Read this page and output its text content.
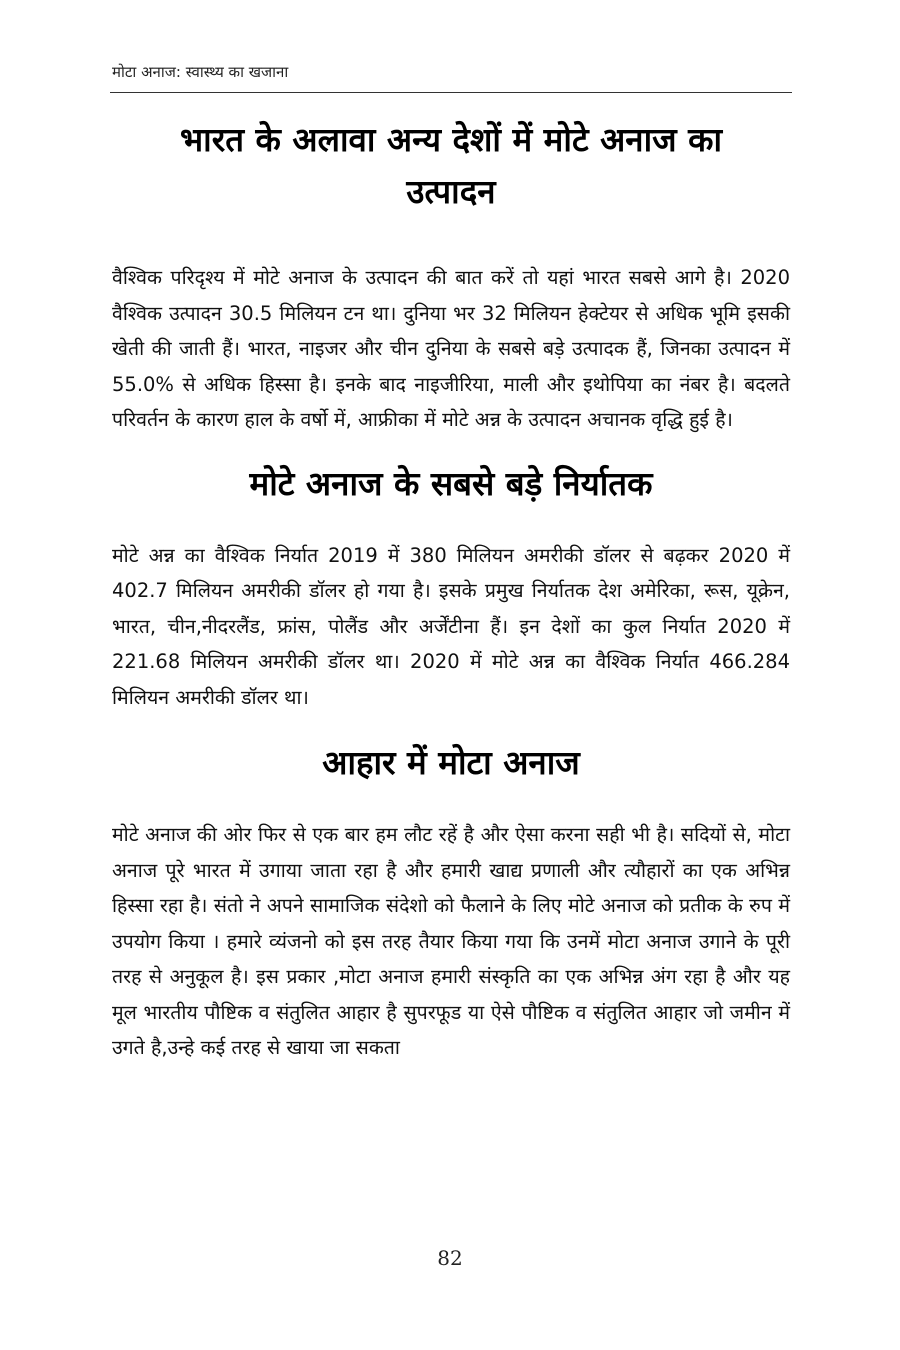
मोटा अनाज: स्वास्थ्य का खजाना
भारत के अलावा अन्य देशों में मोटे अनाज का उत्पादन

वैश्विक परिदृश्य में मोटे अनाज के उत्पादन की बात करें तो यहां भारत सबसे आगे है। 2020 वैश्विक उत्पादन 30.5 मिलियन टन था। दुनिया भर 32 मिलियन हेक्टेयर से अधिक भूमि इसकी खेती की जाती हैं। भारत, नाइजर और चीन दुनिया के सबसे बड़े उत्पादक हैं, जिनका उत्पादन में 55.0% से अधिक हिस्सा है। इनके बाद नाइजीरिया, माली और इथोपिया का नंबर है। बदलते परिवर्तन के कारण हाल के वर्षो में, आफ्रीका में मोटे अन्न के उत्पादन अचानक वृद्धि हुई है।

मोटे अनाज के सबसे बड़े निर्यातक

मोटे अन्न का वैश्विक निर्यात 2019 में 380 मिलियन अमरीकी डॉलर से बढ़कर 2020 में 402.7 मिलियन अमरीकी डॉलर हो गया है। इसके प्रमुख निर्यातक देश अमेरिका, रूस, यूक्रेन, भारत, चीन,नीदरलैंड, फ्रांस, पोलैंड और अर्जेंटीना हैं। इन देशों का कुल निर्यात 2020 में 221.68 मिलियन अमरीकी डॉलर था। 2020 में मोटे अन्न का वैश्विक निर्यात 466.284 मिलियन अमरीकी डॉलर था।

आहार में मोटा अनाज

मोटे अनाज की ओर फिर से एक बार हम लौट रहें है और ऐसा करना सही भी है। सदियों से, मोटा अनाज पूरे भारत में उगाया जाता रहा है और हमारी खाद्य प्रणाली और त्यौहारों का एक अभिन्न हिस्सा रहा है। संतो ने अपने सामाजिक संदेशो को फैलाने के लिए मोटे अनाज को प्रतीक के रुप में उपयोग किया । हमारे व्यंजनो को इस तरह तैयार किया गया कि उनमें मोटा अनाज उगाने के पूरी तरह से अनुकूल है। इस प्रकार ,मोटा अनाज हमारी संस्कृति का एक अभिन्न अंग रहा है और यह मूल भारतीय पौष्टिक व संतुलित आहार है सुपरफूड या ऐसे पौष्टिक व संतुलित आहार जो जमीन में उगते है,उन्हे कई तरह से खाया जा सकता

82
